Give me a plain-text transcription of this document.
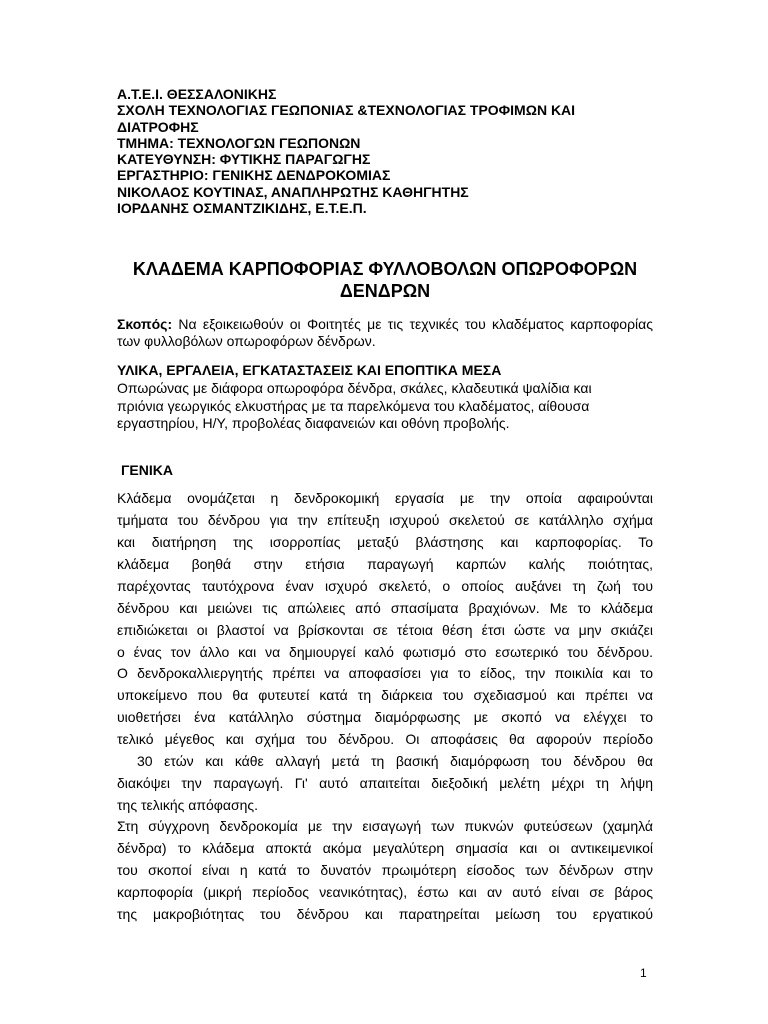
Α.Τ.Ε.Ι. ΘΕΣΣΑΛΟΝΙΚΗΣ
ΣΧΟΛΗ ΤΕΧΝΟΛΟΓΙΑΣ ΓΕΩΠΟΝΙΑΣ &ΤΕΧΝΟΛΟΓΙΑΣ ΤΡΟΦΙΜΩΝ ΚΑΙ
ΔΙΑΤΡΟΦΗΣ
ΤΜΗΜΑ: ΤΕΧΝΟΛΟΓΩΝ ΓΕΩΠΟΝΩΝ
ΚΑΤΕΥΘΥΝΣΗ: ΦΥΤΙΚΗΣ ΠΑΡΑΓΩΓΗΣ
ΕΡΓΑΣΤΗΡΙΟ: ΓΕΝΙΚΗΣ ΔΕΝΔΡΟΚΟΜΙΑΣ
ΝΙΚΟΛΑΟΣ ΚΟΥΤΙΝΑΣ, ΑΝΑΠΛΗΡΩΤΗΣ ΚΑΘΗΓΗΤΗΣ
ΙΟΡΔΑΝΗΣ ΟΣΜΑΝΤΖΙΚΙΔΗΣ, Ε.Τ.Ε.Π.
ΚΛΑΔΕΜΑ ΚΑΡΠΟΦΟΡΙΑΣ ΦΥΛΛΟΒΟΛΩΝ ΟΠΩΡΟΦΟΡΩΝ
ΔΕΝΔΡΩΝ
Σκοπός: Να εξοικειωθούν οι Φοιτητές με τις τεχνικές του κλαδέματος καρποφορίας των φυλλοβόλων οπωροφόρων δένδρων.
ΥΛΙΚΑ, ΕΡΓΑΛΕΙΑ, ΕΓΚΑΤΑΣΤΑΣΕΙΣ ΚΑΙ ΕΠΟΠΤΙΚΑ ΜΕΣΑ
Οπωρώνας με διάφορα οπωροφόρα δένδρα, σκάλες, κλαδευτικά ψαλίδια και
πριόνια γεωργικός ελκυστήρας με τα παρελκόμενα του κλαδέματος, αίθουσα
εργαστηρίου, Η/Υ, προβολέας διαφανειών και οθόνη προβολής.
ΓΕΝΙΚΑ
Κλάδεμα ονομάζεται η δενδροκομική εργασία με την οποία αφαιρούνται
τμήματα του δένδρου για την επίτευξη ισχυρού σκελετού σε κατάλληλο σχήμα
και διατήρηση της ισορροπίας μεταξύ βλάστησης και καρποφορίας. Το
κλάδεμα βοηθά στην ετήσια παραγωγή καρπών καλής ποιότητας,
παρέχοντας ταυτόχρονα έναν ισχυρό σκελετό, ο οποίος αυξάνει τη ζωή του
δένδρου και μειώνει τις απώλειες από σπασίματα βραχιόνων. Με το κλάδεμα
επιδιώκεται οι βλαστοί να βρίσκονται σε τέτοια θέση έτσι ώστε να μην σκιάζει
ο ένας τον άλλο και να δημιουργεί καλό φωτισμό στο εσωτερικό του δένδρου.
Ο δενδροκαλλιεργητής πρέπει να αποφασίσει για το είδος, την ποικιλία και το
υποκείμενο που θα φυτευτεί κατά τη διάρκεια του σχεδιασμού και πρέπει να
υιοθετήσει ένα κατάλληλο σύστημα διαμόρφωσης με σκοπό να ελέγχει το
τελικό μέγεθος και σχήμα του δένδρου. Οι αποφάσεις θα αφορούν περίοδο
30 ετών και κάθε αλλαγή μετά τη βασική διαμόρφωση του δένδρου θα
διακόψει την παραγωγή. Γι' αυτό απαιτείται διεξοδική μελέτη μέχρι τη λήψη
της τελικής απόφασης.
Στη σύγχρονη δενδροκομία με την εισαγωγή των πυκνών φυτεύσεων (χαμηλά
δένδρα) το κλάδεμα αποκτά ακόμα μεγαλύτερη σημασία και οι αντικειμενικοί
του σκοποί είναι η κατά το δυνατόν πρωιμότερη είσοδος των δένδρων στην
καρποφορία (μικρή περίοδος νεανικότητας), έστω και αν αυτό είναι σε βάρος
της μακροβιότητας του δένδρου και παρατηρείται μείωση του εργατικού
1
